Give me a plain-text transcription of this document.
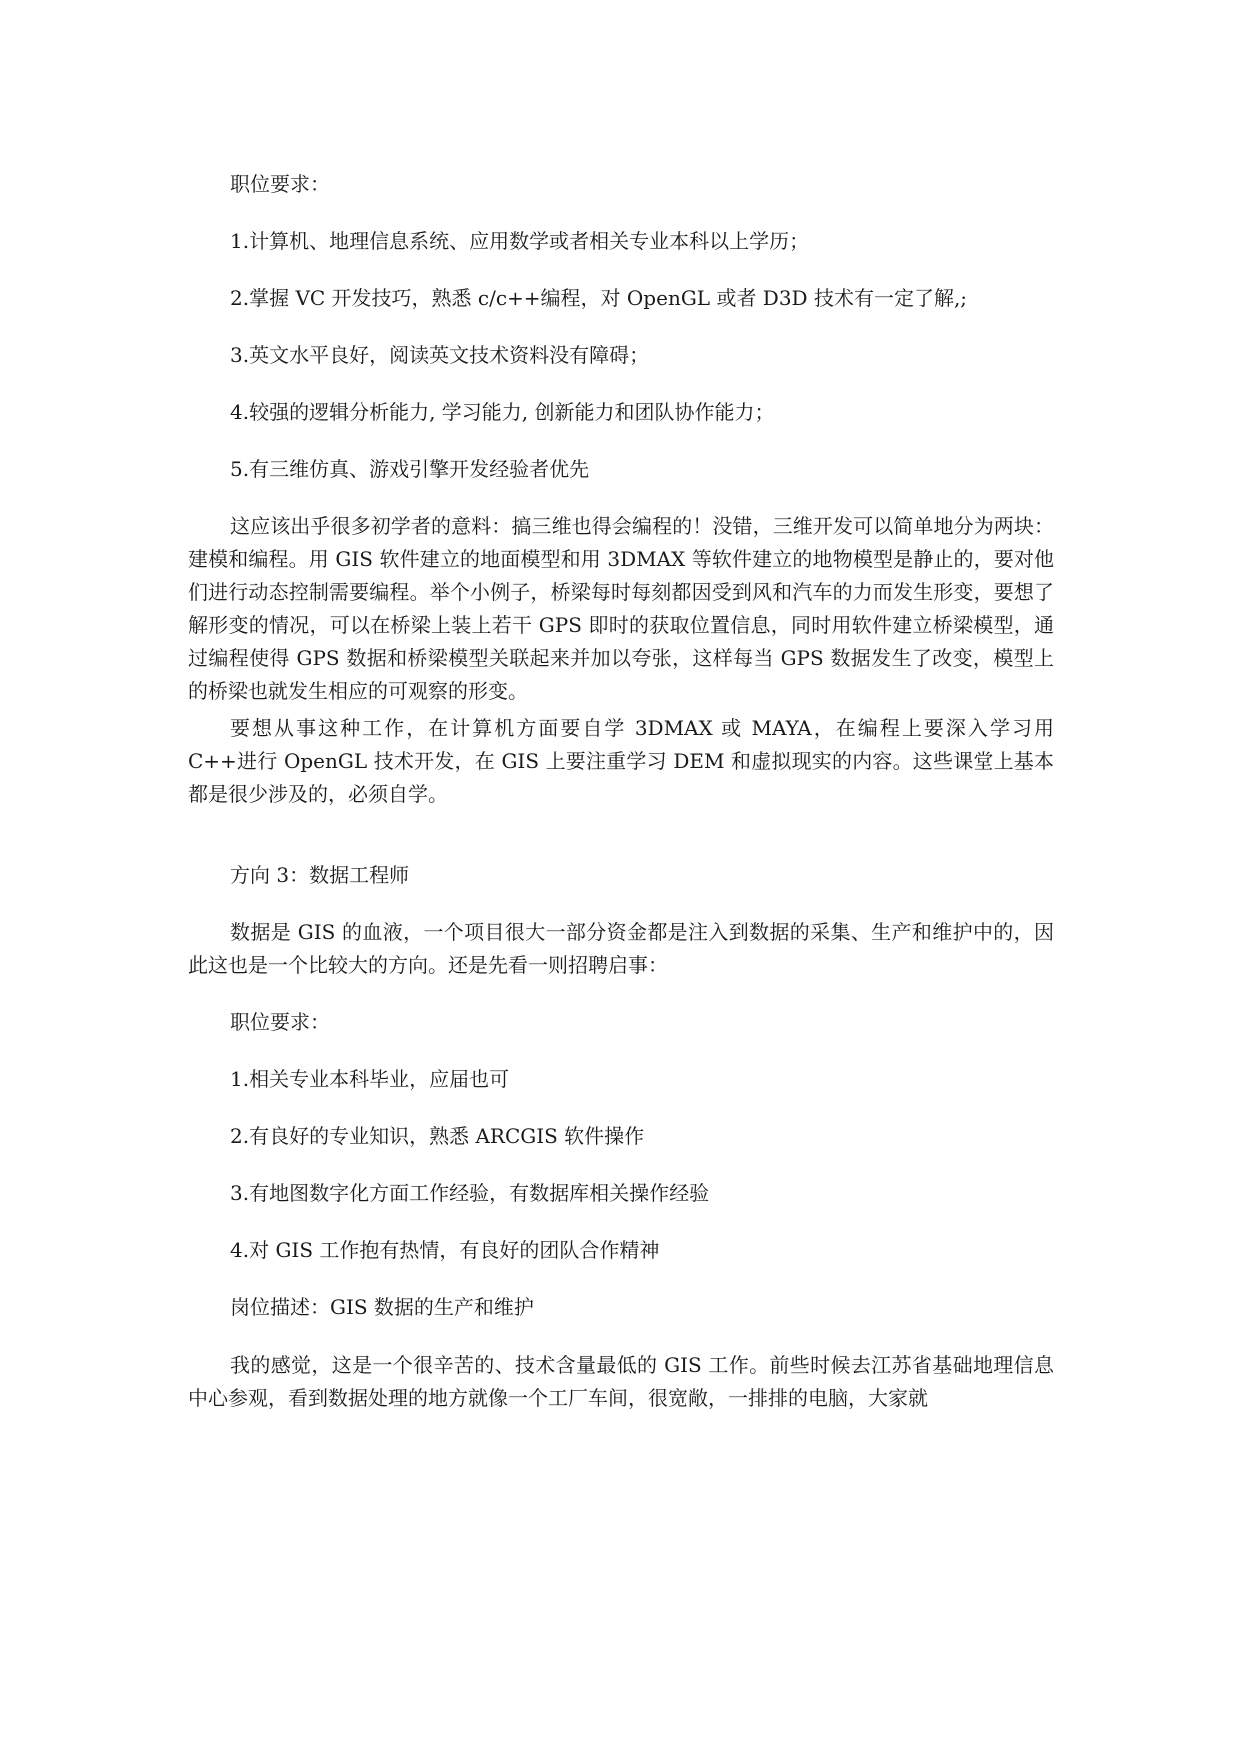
职位要求：

1.计算机、地理信息系统、应用数学或者相关专业本科以上学历；

2.掌握 VC 开发技巧，熟悉 c/c++编程，对 OpenGL 或者 D3D 技术有一定了解,;

3.英文水平良好，阅读英文技术资料没有障碍；

4.较强的逻辑分析能力, 学习能力, 创新能力和团队协作能力；

5.有三维仿真、游戏引擎开发经验者优先

这应该出乎很多初学者的意料：搞三维也得会编程的！没错，三维开发可以简单地分为两块：建模和编程。用 GIS 软件建立的地面模型和用 3DMAX 等软件建立的地物模型是静止的，要对他们进行动态控制需要编程。举个小例子，桥梁每时每刻都因受到风和汽车的力而发生形变，要想了解形变的情况，可以在桥梁上装上若干 GPS 即时的获取位置信息，同时用软件建立桥梁模型，通过编程使得 GPS 数据和桥梁模型关联起来并加以夸张，这样每当 GPS 数据发生了改变，模型上的桥梁也就发生相应的可观察的形变。

要想从事这种工作，在计算机方面要自学 3DMAX 或 MAYA，在编程上要深入学习用 C++进行 OpenGL 技术开发，在 GIS 上要注重学习 DEM 和虚拟现实的内容。这些课堂上基本都是很少涉及的，必须自学。

方向 3：数据工程师

数据是 GIS 的血液，一个项目很大一部分资金都是注入到数据的采集、生产和维护中的，因此这也是一个比较大的方向。还是先看一则招聘启事：

职位要求：

1.相关专业本科毕业，应届也可

2.有良好的专业知识，熟悉 ARCGIS 软件操作

3.有地图数字化方面工作经验，有数据库相关操作经验

4.对 GIS 工作抱有热情，有良好的团队合作精神

岗位描述：GIS 数据的生产和维护

我的感觉，这是一个很辛苦的、技术含量最低的 GIS 工作。前些时候去江苏省基础地理信息中心参观，看到数据处理的地方就像一个工厂车间，很宽敞，一排排的电脑，大家就
